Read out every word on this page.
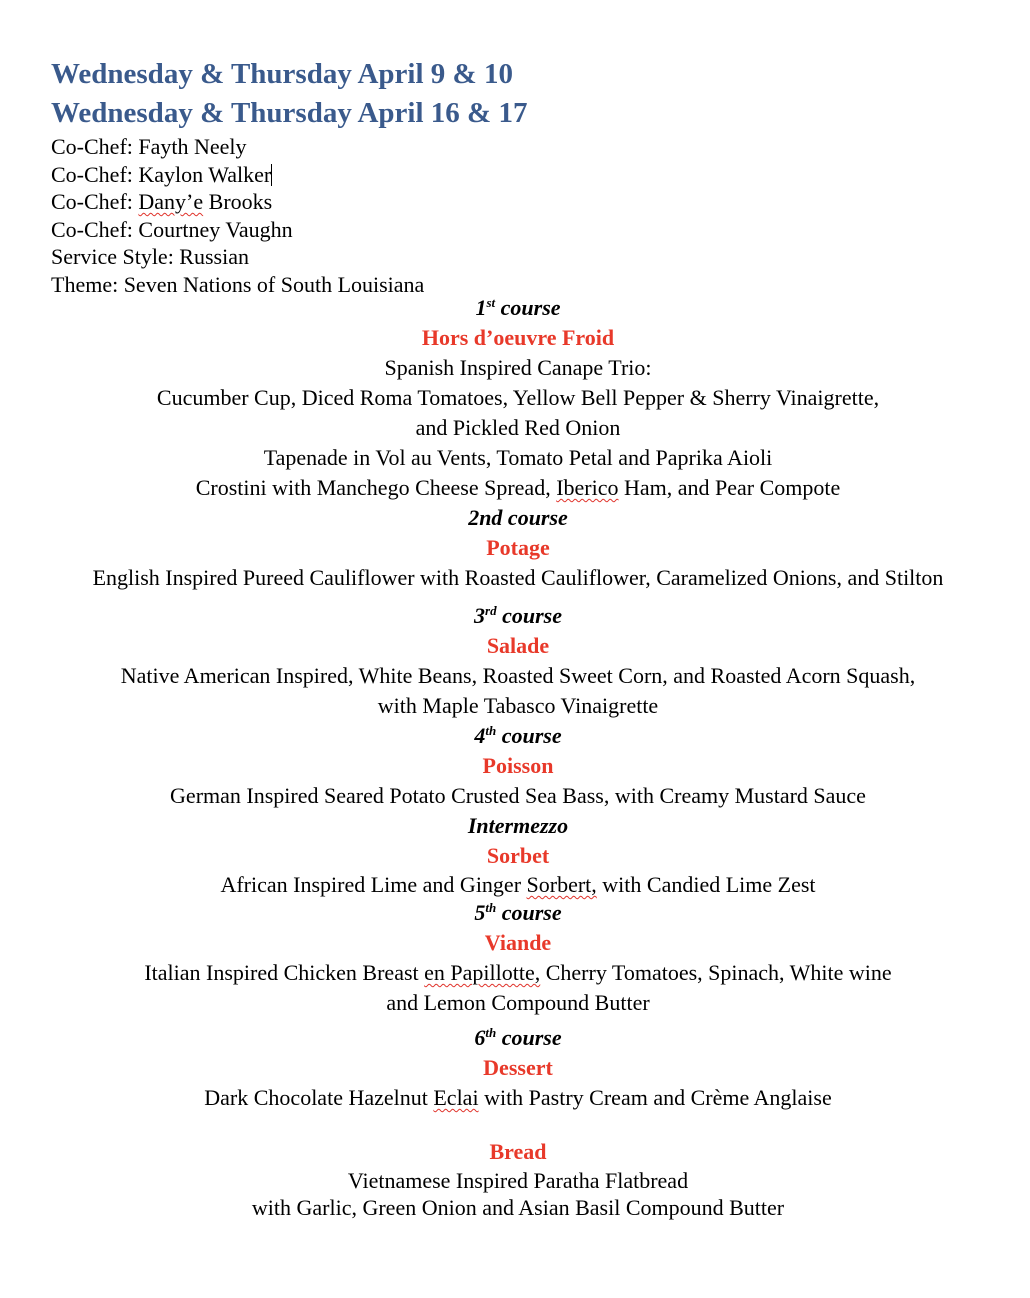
Wednesday & Thursday April 9 & 10
Wednesday & Thursday April 16 & 17
Co-Chef: Fayth Neely
Co-Chef: Kaylon Walker
Co-Chef: Dany’e Brooks
Co-Chef: Courtney Vaughn
Service Style: Russian
Theme: Seven Nations of South Louisiana
1st course
Hors d’oeuvre Froid
Spanish Inspired Canape Trio:
Cucumber Cup, Diced Roma Tomatoes, Yellow Bell Pepper & Sherry Vinaigrette,
and Pickled Red Onion
Tapenade in Vol au Vents, Tomato Petal and Paprika Aioli
Crostini with Manchego Cheese Spread, Iberico Ham, and Pear Compote
2nd course
Potage
English Inspired Pureed Cauliflower with Roasted Cauliflower, Caramelized Onions, and Stilton
3rd course
Salade
Native American Inspired, White Beans, Roasted Sweet Corn, and Roasted Acorn Squash,
with Maple Tabasco Vinaigrette
4th course
Poisson
German Inspired Seared Potato Crusted Sea Bass, with Creamy Mustard Sauce
Intermezzo
Sorbet
African Inspired Lime and Ginger Sorbert, with Candied Lime Zest
5th course
Viande
Italian Inspired Chicken Breast en Papillotte, Cherry Tomatoes, Spinach, White wine
and Lemon Compound Butter
6th course
Dessert
Dark Chocolate Hazelnut Eclai with Pastry Cream and Crème Anglaise
Bread
Vietnamese Inspired Paratha Flatbread
with Garlic, Green Onion and Asian Basil Compound Butter
